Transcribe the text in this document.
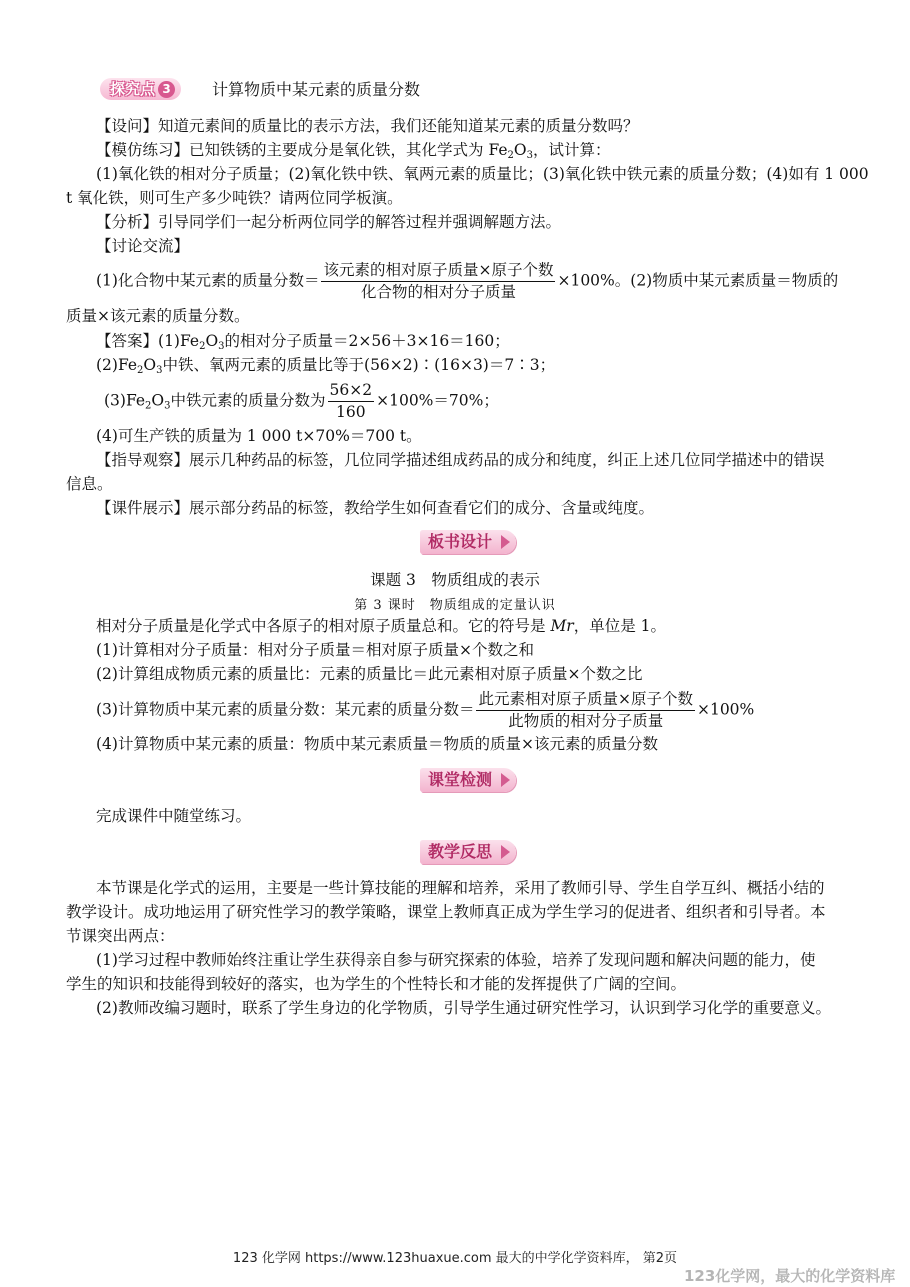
探究点 3	计算物质中某元素的质量分数
【设问】知道元素间的质量比的表示方法，我们还能知道某元素的质量分数吗？
【模仿练习】已知铁锈的主要成分是氧化铁，其化学式为 $Fe_2O_3$，试计算：
(1)氧化铁的相对分子质量；(2)氧化铁中铁、氧两元素的质量比；(3)氧化铁中铁元素的质量分数；(4)如有 1 000
t 氧化铁，则可生产多少吨铁？请两位同学板演。
【分析】引导同学们一起分析两位同学的解答过程并强调解题方法。
【讨论交流】
(1)化合物中某元素的质量分数＝ $\frac{\text{该元素的相对原子质量×原子个数}}{\text{化合物的相对分子质量}} \times 100\%$。(2)物质中某元素质量＝物质的
质量×该元素的质量分数。
【答案】$(1)Fe_2O_3$的相对分子质量＝2×56＋3×16＝160；
$(2)Fe_2O_3$中铁、氧两元素的质量比等于(56×2)∶(16×3)＝7∶3；
$(3)Fe_2O_3$中铁元素的质量分数为 $\frac{56\times 2}{160} \times 100\%=70\%$；
(4)可生产铁的质量为 1 000 t×70%＝700 t。
【指导观察】展示几种药品的标签，几位同学描述组成药品的成分和纯度，纠正上述几位同学描述中的错误
信息。
【课件展示】展示部分药品的标签，教给学生如何查看它们的成分、含量或纯度。
板书设计
课题 3　物质组成的表示
第 3 课时　物质组成的定量认识
相对分子质量是化学式中各原子的相对原子质量总和。它的符号是 Mr，单位是 1。
(1)计算相对分子质量：相对分子质量＝相对原子质量×个数之和
(2)计算组成物质元素的质量比：元素的质量比＝此元素相对原子质量×个数之比
(3)计算物质中某元素的质量分数：某元素的质量分数＝ $\frac{\text{此元素相对原子质量×原子个数}}{\text{此物质的相对分子质量}} \times 100\%$
(4)计算物质中某元素的质量：物质中某元素质量＝物质的质量×该元素的质量分数
课堂检测
完成课件中随堂练习。
教学反思
本节课是化学式的运用，主要是一些计算技能的理解和培养，采用了教师引导、学生自学互纠、概括小结的
教学设计。成功地运用了研究性学习的教学策略，课堂上教师真正成为学生学习的促进者、组织者和引导者。本
节课突出两点：
(1)学习过程中教师始终注重让学生获得亲自参与研究探索的体验，培养了发现问题和解决问题的能力，使
学生的知识和技能得到较好的落实，也为学生的个性特长和才能的发挥提供了广阔的空间。
(2)教师改编习题时，联系了学生身边的化学物质，引导学生通过研究性学习，认识到学习化学的重要意义。
123 化学网 https://www.123huaxue.com 最大的中学化学资料库， 第2页
123化学网，最大的化学资料库
